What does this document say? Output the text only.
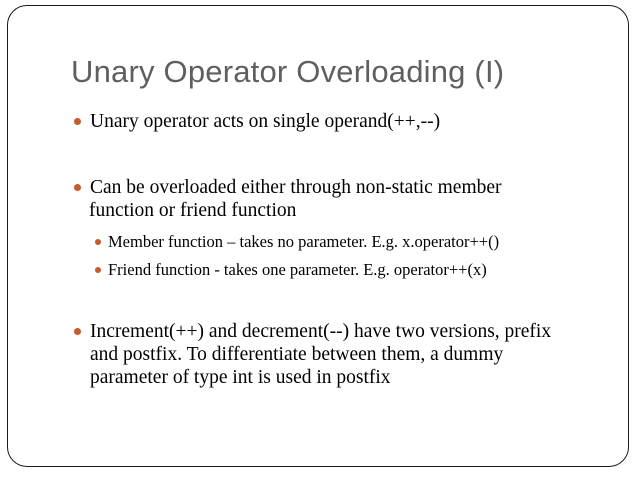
Unary Operator Overloading (I)
Unary operator acts on single operand(++,--)
Can be overloaded either through non-static member
function or friend function
Member function – takes no parameter. E.g. x.operator++()
Friend function - takes one parameter. E.g. operator++(x)
Increment(++) and decrement(--) have two versions, prefix
and postfix. To differentiate between them, a dummy
parameter of type int is used in postfix
